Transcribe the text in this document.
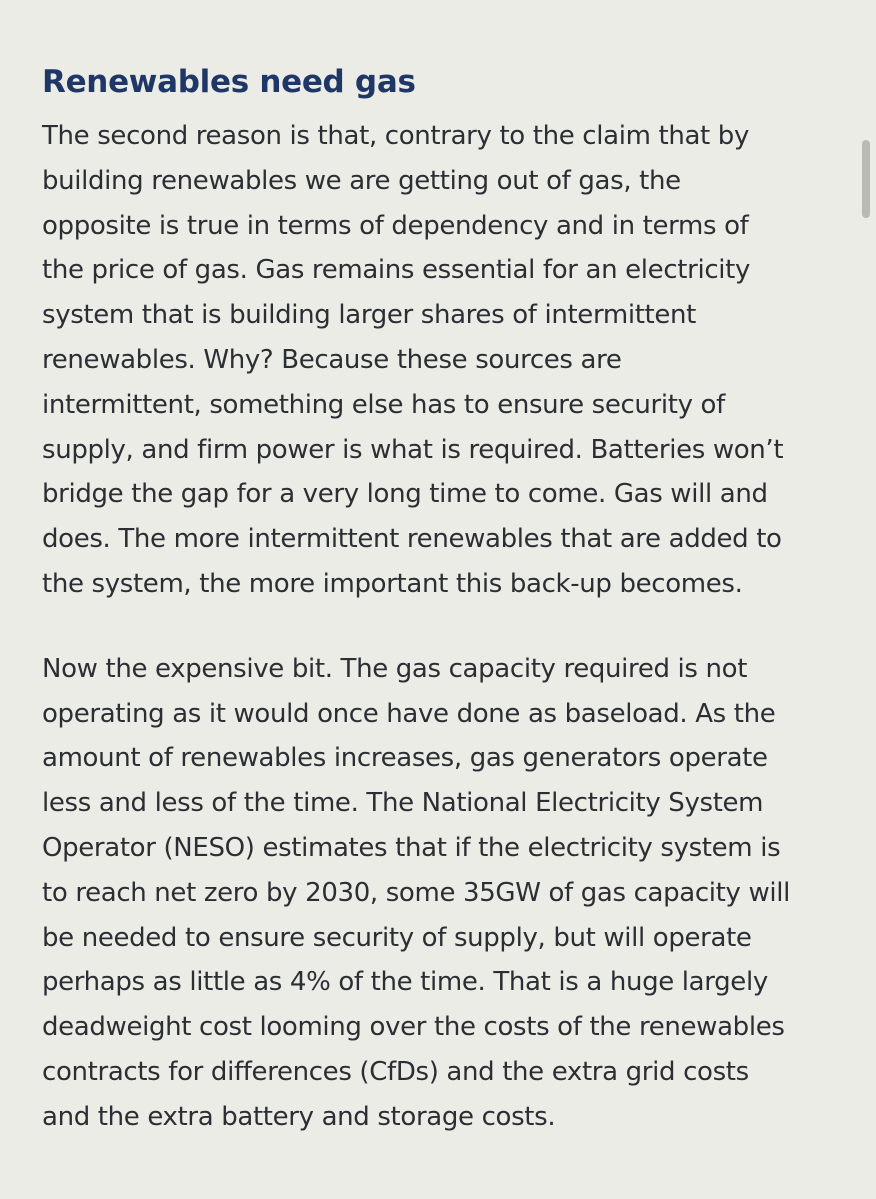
Renewables need gas

The second reason is that, contrary to the claim that by
building renewables we are getting out of gas, the
opposite is true in terms of dependency and in terms of
the price of gas. Gas remains essential for an electricity
system that is building larger shares of intermittent
renewables. Why? Because these sources are
intermittent, something else has to ensure security of
supply, and firm power is what is required. Batteries won’t
bridge the gap for a very long time to come. Gas will and
does. The more intermittent renewables that are added to
the system, the more important this back-up becomes.

Now the expensive bit. The gas capacity required is not
operating as it would once have done as baseload. As the
amount of renewables increases, gas generators operate
less and less of the time. The National Electricity System
Operator (NESO) estimates that if the electricity system is
to reach net zero by 2030, some 35GW of gas capacity will
be needed to ensure security of supply, but will operate
perhaps as little as 4% of the time. That is a huge largely
deadweight cost looming over the costs of the renewables
contracts for differences (CfDs) and the extra grid costs
and the extra battery and storage costs.
